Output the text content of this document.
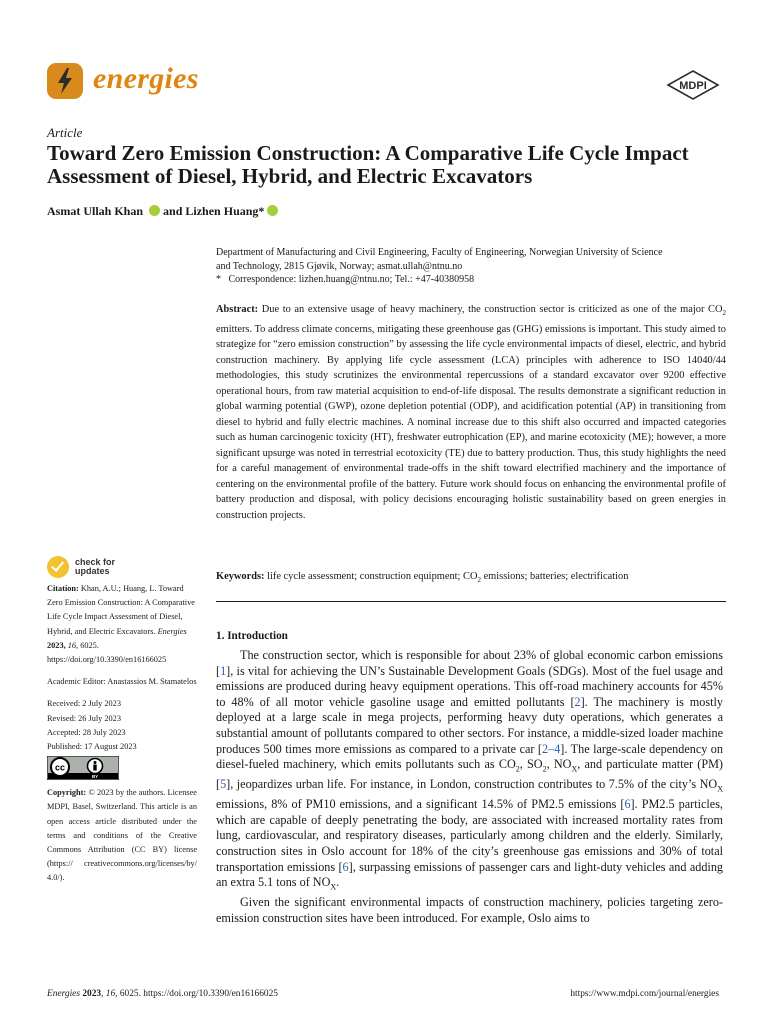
energies	MDPI
Article
Toward Zero Emission Construction: A Comparative Life Cycle Impact Assessment of Diesel, Hybrid, and Electric Excavators
Asmat Ullah Khan and Lizhen Huang*
Department of Manufacturing and Civil Engineering, Faculty of Engineering, Norwegian University of Science
and Technology, 2815 Gjøvik, Norway; asmat.ullah@ntnu.no
*   Correspondence: lizhen.huang@ntnu.no; Tel.: +47-40380958
Abstract: Due to an extensive usage of heavy machinery, the construction sector is criticized as one of the major $CO_2$ emitters. To address climate concerns, mitigating these greenhouse gas (GHG) emissions is important. This study aimed to strategize for “zero emission construction” by assessing the life cycle environmental impacts of diesel, electric, and hybrid construction machinery. By applying life cycle assessment (LCA) principles with adherence to ISO 14040/44 methodologies, this study scrutinizes the environmental repercussions of a standard excavator over 9200 effective operational hours, from raw material acquisition to end-of-life disposal. The results demonstrate a significant reduction in global warming potential (GWP), ozone depletion potential (ODP), and acidification potential (AP) in transitioning from diesel to hybrid and fully electric machines. A nominal increase due to this shift also occurred and impacted categories such as human carcinogenic toxicity (HT), freshwater eutrophication (EP), and marine ecotoxicity (ME); however, a more significant upsurge was noted in terrestrial ecotoxicity (TE) due to battery production. Thus, this study highlights the need for a careful management of environmental trade-offs in the shift toward electrified machinery and the importance of centering on the environmental profile of the battery. Future work should focus on enhancing the environmental profile of battery production and disposal, with policy decisions encouraging holistic sustainability based on green energies in construction projects.
Keywords: life cycle assessment; construction equipment; $CO_2$ emissions; batteries; electrification
check for
updates
Citation: Khan, A.U.; Huang, L. Toward Zero Emission Construction: A Comparative Life Cycle Impact Assessment of Diesel, Hybrid, and Electric Excavators. Energies 2023, 16, 6025. https://doi.org/10.3390/en16166025
Academic Editor: Anastassios M. Stamatelos
Received: 2 July 2023
Revised: 26 July 2023
Accepted: 28 July 2023
Published: 17 August 2023
cc
BY
Copyright: © 2023 by the authors. Licensee MDPI, Basel, Switzerland. This article is an open access article distributed under the terms and conditions of the Creative Commons Attribution (CC BY) license (https:// creativecommons.org/licenses/by/ 4.0/).
1. Introduction

The construction sector, which is responsible for about 23% of global economic carbon emissions [1], is vital for achieving the UN’s Sustainable Development Goals (SDGs). Most of the fuel usage and emissions are produced during heavy equipment operations. This off-road machinery accounts for 45% to 48% of all motor vehicle gasoline usage and emitted pollutants [2]. The machinery is mostly deployed at a large scale in mega projects, performing heavy duty operations, which generates a substantial amount of pollutants compared to other sectors. For instance, a middle-sized loader machine produces 500 times more emissions as compared to a private car [2–4]. The large-scale dependency on diesel-fueled machinery, which emits pollutants such as $CO_2$, $SO_2$, $NO_X$, and particulate matter (PM) [5], jeopardizes urban life. For instance, in London, construction contributes to 7.5% of the city’s $NO_X$ emissions, 8% of PM10 emissions, and a significant 14.5% of PM2.5 emissions [6]. PM2.5 particles, which are capable of deeply penetrating the body, are associated with increased mortality rates from lung, cardiovascular, and respiratory diseases, particularly among children and the elderly. Similarly, construction sites in Oslo account for 18% of the city’s greenhouse gas emissions and 30% of total transportation emissions [6], surpassing emissions of passenger cars and light-duty vehicles and adding an extra 5.1 tons of $NO_X$.

Given the significant environmental impacts of construction machinery, policies targeting zero-emission construction sites have been introduced. For example, Oslo aims to

Energies 2023, 16, 6025. https://doi.org/10.3390/en16166025	https://www.mdpi.com/journal/energies
